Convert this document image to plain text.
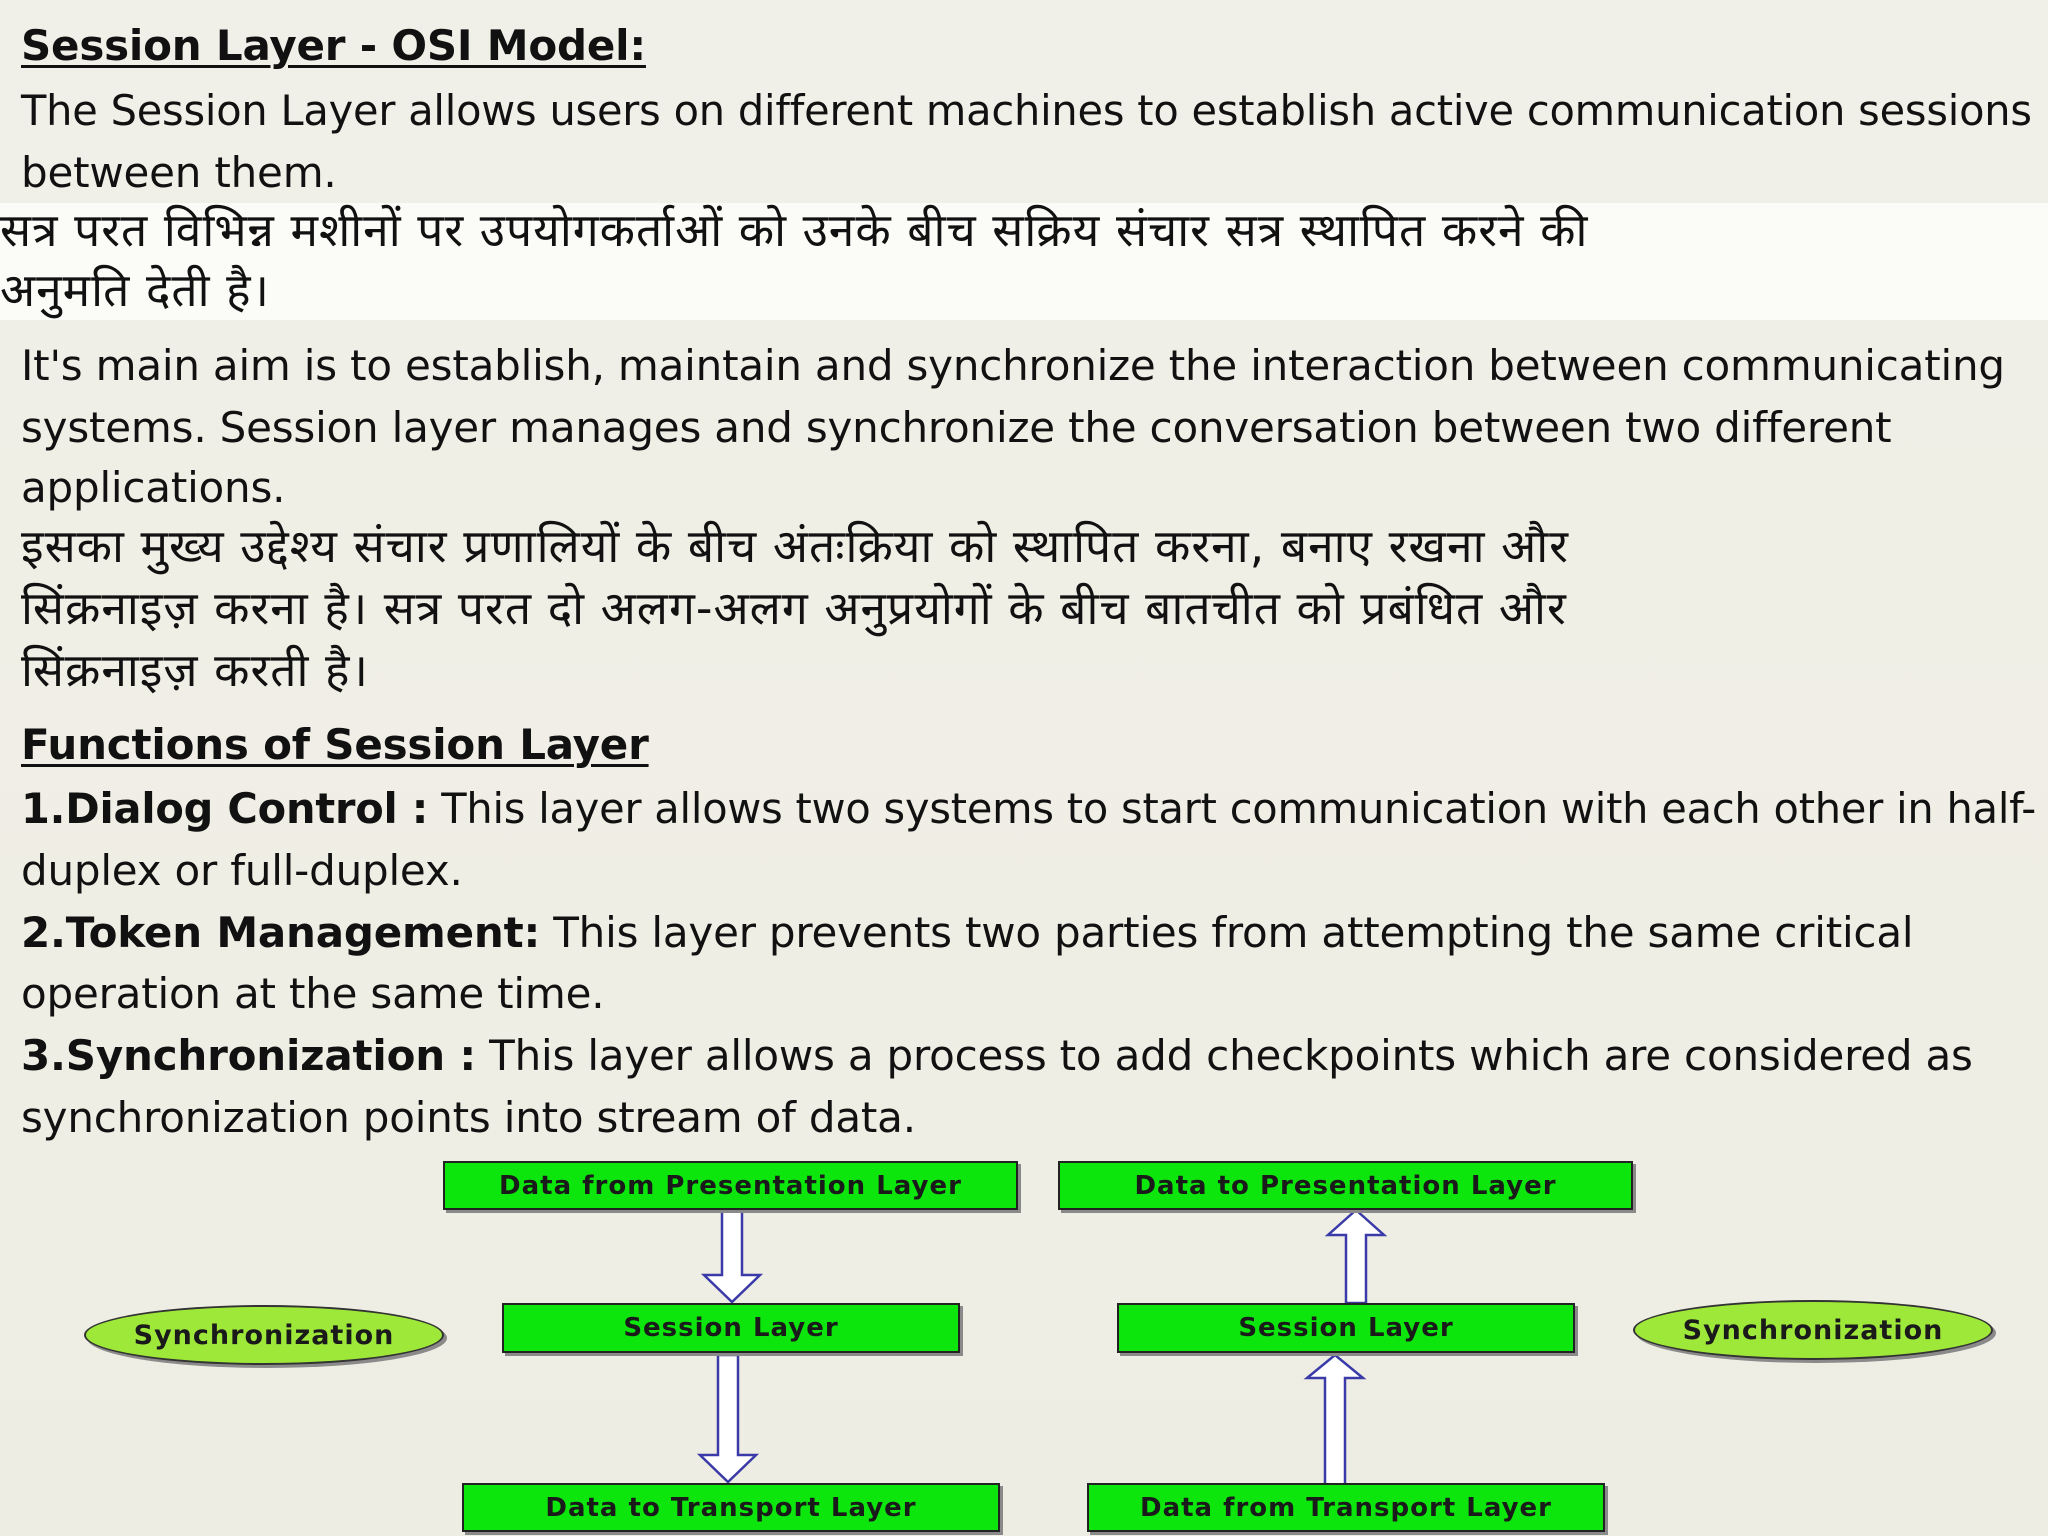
Session Layer - OSI Model:
The Session Layer allows users on different machines to establish active communication sessions
between them.
सत्र परत विभिन्न मशीनों पर उपयोगकर्ताओं को उनके बीच सक्रिय संचार सत्र स्थापित करने की
अनुमति देती है।
It's main aim is to establish, maintain and synchronize the interaction between communicating
systems. Session layer manages and synchronize the conversation between two different
applications.
इसका मुख्य उद्देश्य संचार प्रणालियों के बीच अंतःक्रिया को स्थापित करना, बनाए रखना और
सिंक्रनाइज़ करना है। सत्र परत दो अलग-अलग अनुप्रयोगों के बीच बातचीत को प्रबंधित और
सिंक्रनाइज़ करती है।
Functions of Session Layer
1.Dialog Control : This layer allows two systems to start communication with each other in half-
duplex or full-duplex.
2.Token Management: This layer prevents two parties from attempting the same critical
operation at the same time.
3.Synchronization : This layer allows a process to add checkpoints which are considered as
synchronization points into stream of data.
Data from Presentation Layer
Session Layer
Data to Transport Layer
Synchronization
Data to Presentation Layer
Session Layer
Data from Transport Layer
Synchronization
